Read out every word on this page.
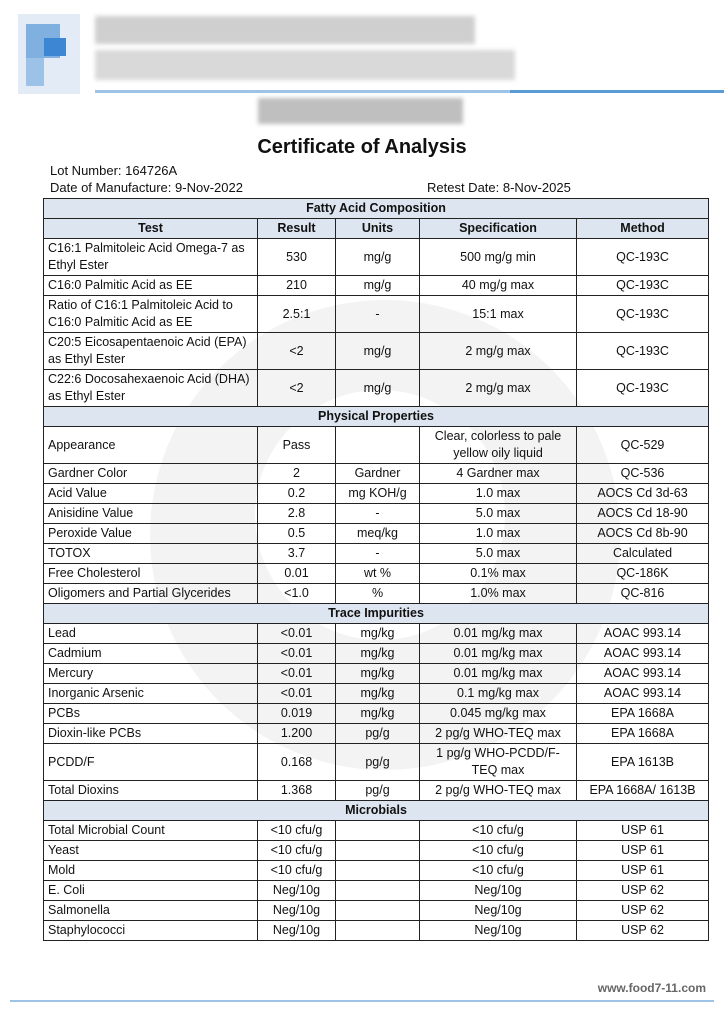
Certificate of Analysis
Lot Number: 164726A
Date of Manufacture: 9-Nov-2022	Retest Date: 8-Nov-2025
Fatty Acid Composition				
Test	Result	Units	Specification	Method
C16:1 Palmitoleic Acid Omega-7 as Ethyl Ester	530	mg/g	500 mg/g min	QC-193C
C16:0 Palmitic Acid as EE	210	mg/g	40 mg/g max	QC-193C
Ratio of C16:1 Palmitoleic Acid to C16:0 Palmitic Acid as EE	2.5:1	-	15:1 max	QC-193C
C20:5 Eicosapentaenoic Acid (EPA) as Ethyl Ester	<2	mg/g	2 mg/g max	QC-193C
C22:6 Docosahexaenoic Acid (DHA) as Ethyl Ester	<2	mg/g	2 mg/g max	QC-193C
Physical Properties				
Appearance	Pass		Clear, colorless to pale yellow oily liquid	QC-529
Gardner Color	2	Gardner	4 Gardner max	QC-536
Acid Value	0.2	mg KOH/g	1.0 max	AOCS Cd 3d-63
Anisidine Value	2.8	-	5.0 max	AOCS Cd 18-90
Peroxide Value	0.5	meq/kg	1.0 max	AOCS Cd 8b-90
TOTOX	3.7	-	5.0 max	Calculated
Free Cholesterol	0.01	wt %	0.1% max	QC-186K
Oligomers and Partial Glycerides	<1.0	%	1.0% max	QC-816
Trace Impurities				
Lead	<0.01	mg/kg	0.01 mg/kg max	AOAC 993.14
Cadmium	<0.01	mg/kg	0.01 mg/kg max	AOAC 993.14
Mercury	<0.01	mg/kg	0.01 mg/kg max	AOAC 993.14
Inorganic Arsenic	<0.01	mg/kg	0.1 mg/kg max	AOAC 993.14
PCBs	0.019	mg/kg	0.045 mg/kg max	EPA 1668A
Dioxin-like PCBs	1.200	pg/g	2 pg/g WHO-TEQ max	EPA 1668A
PCDD/F	0.168	pg/g	1 pg/g WHO-PCDD/F-TEQ max	EPA 1613B
Total Dioxins	1.368	pg/g	2 pg/g WHO-TEQ max	EPA 1668A/ 1613B
Microbials				
Total Microbial Count	<10 cfu/g		<10 cfu/g	USP 61
Yeast	<10 cfu/g		<10 cfu/g	USP 61
Mold	<10 cfu/g		<10 cfu/g	USP 61
E. Coli	Neg/10g		Neg/10g	USP 62
Salmonella	Neg/10g		Neg/10g	USP 62
Staphylococci	Neg/10g		Neg/10g	USP 62
www.food7-11.com
